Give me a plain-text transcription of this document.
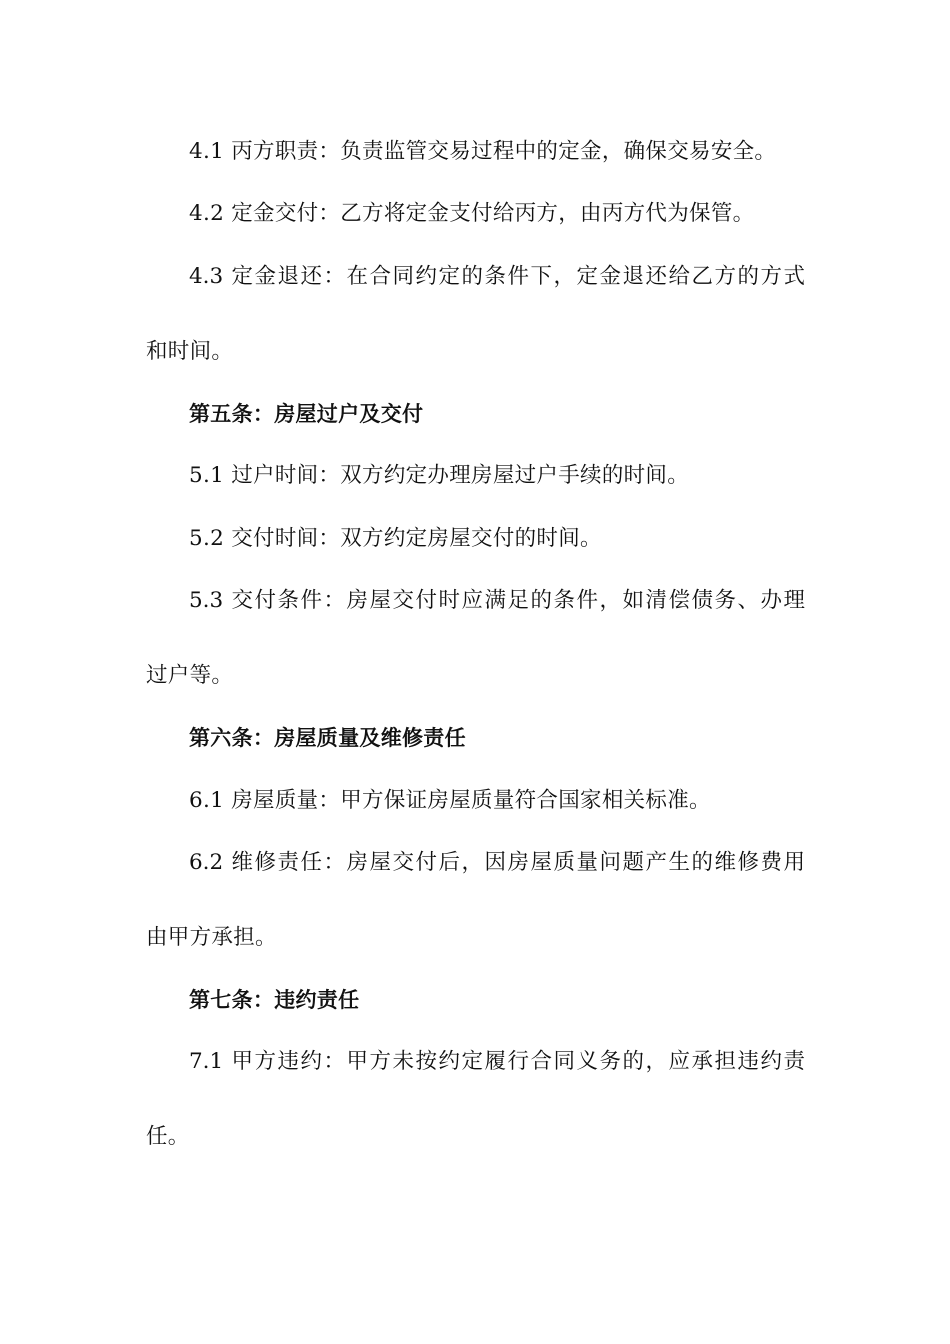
4.1 丙方职责：负责监管交易过程中的定金，确保交易安全。
4.2 定金交付：乙方将定金支付给丙方，由丙方代为保管。
4.3 定金退还：在合同约定的条件下，定金退还给乙方的方式
和时间。
第五条：房屋过户及交付
5.1 过户时间：双方约定办理房屋过户手续的时间。
5.2 交付时间：双方约定房屋交付的时间。
5.3 交付条件：房屋交付时应满足的条件，如清偿债务、办理
过户等。
第六条：房屋质量及维修责任
6.1 房屋质量：甲方保证房屋质量符合国家相关标准。
6.2 维修责任：房屋交付后，因房屋质量问题产生的维修费用
由甲方承担。
第七条：违约责任
7.1 甲方违约：甲方未按约定履行合同义务的，应承担违约责
任。
